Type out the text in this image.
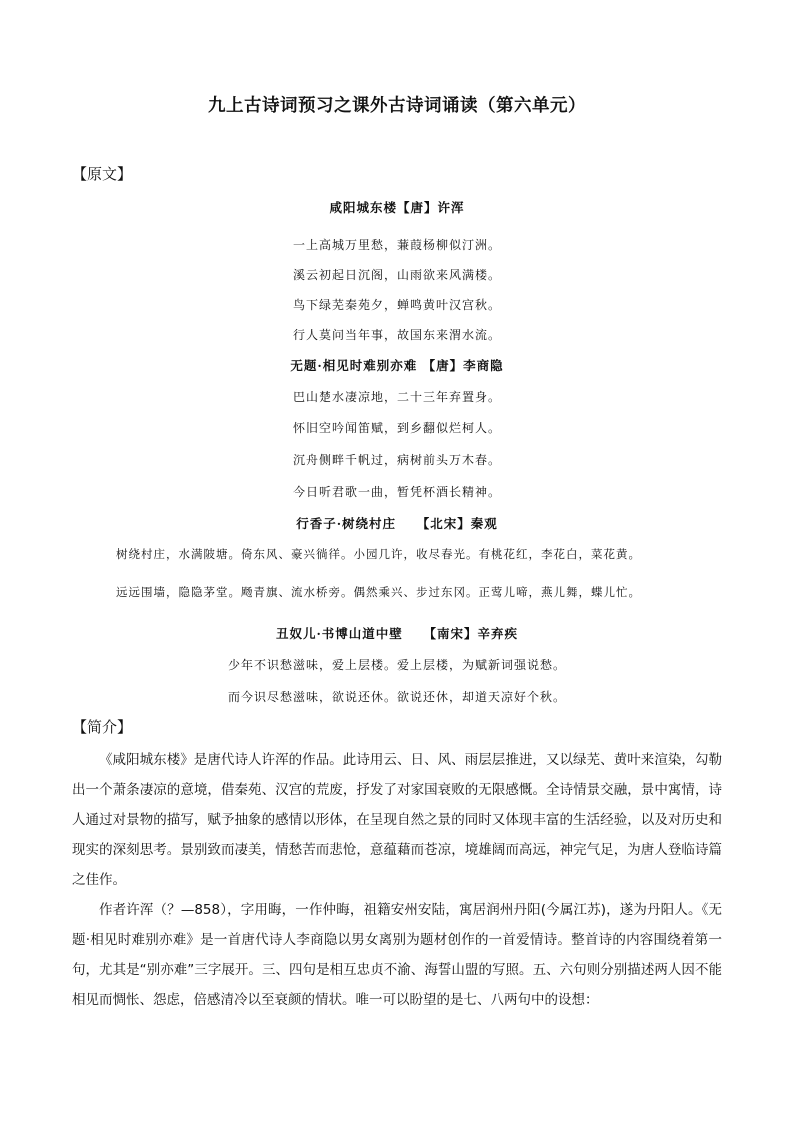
九上古诗词预习之课外古诗词诵读（第六单元）
【原文】
咸阳城东楼【唐】许浑
一上高城万里愁，蒹葭杨柳似汀洲。
溪云初起日沉阁，山雨欲来风满楼。
鸟下绿芜秦苑夕，蝉鸣黄叶汉宫秋。
行人莫问当年事，故国东来渭水流。
无题·相见时难别亦难 【唐】李商隐
巴山楚水凄凉地，二十三年弃置身。
怀旧空吟闻笛赋，到乡翻似烂柯人。
沉舟侧畔千帆过，病树前头万木春。
今日听君歌一曲，暂凭杯酒长精神。
行香子·树绕村庄　　【北宋】秦观
树绕村庄，水满陂塘。倚东风、豪兴徜徉。小园几许，收尽春光。有桃花红，李花白，菜花黄。
远远围墙，隐隐茅堂。飏青旗、流水桥旁。偶然乘兴、步过东冈。正莺儿啼，燕儿舞，蝶儿忙。
丑奴儿·书博山道中壁　　【南宋】辛弃疾
少年不识愁滋味，爱上层楼。爱上层楼，为赋新词强说愁。
而今识尽愁滋味，欲说还休。欲说还休，却道天凉好个秋。
【简介】

《咸阳城东楼》是唐代诗人许浑的作品。此诗用云、日、风、雨层层推进，又以绿芜、黄叶来渲染，勾勒出一个萧条凄凉的意境，借秦苑、汉宫的荒废，抒发了对家国衰败的无限感慨。全诗情景交融，景中寓情，诗人通过对景物的描写，赋予抽象的感情以形体，在呈现自然之景的同时又体现丰富的生活经验，以及对历史和现实的深刻思考。景别致而凄美，情愁苦而悲怆，意蕴藉而苍凉，境雄阔而高远，神完气足，为唐人登临诗篇之佳作。

作者许浑（？—858），字用晦，一作仲晦，祖籍安州安陆，寓居润州丹阳(今属江苏)，遂为丹阳人。《无题·相见时难别亦难》是一首唐代诗人李商隐以男女离别为题材创作的一首爱情诗。整首诗的内容围绕着第一句，尤其是“别亦难”三字展开。三、四句是相互忠贞不渝、海誓山盟的写照。五、六句则分别描述两人因不能相见而惆怅、怨虑，倍感清冷以至衰颜的情状。唯一可以盼望的是七、八两句中的设想：
